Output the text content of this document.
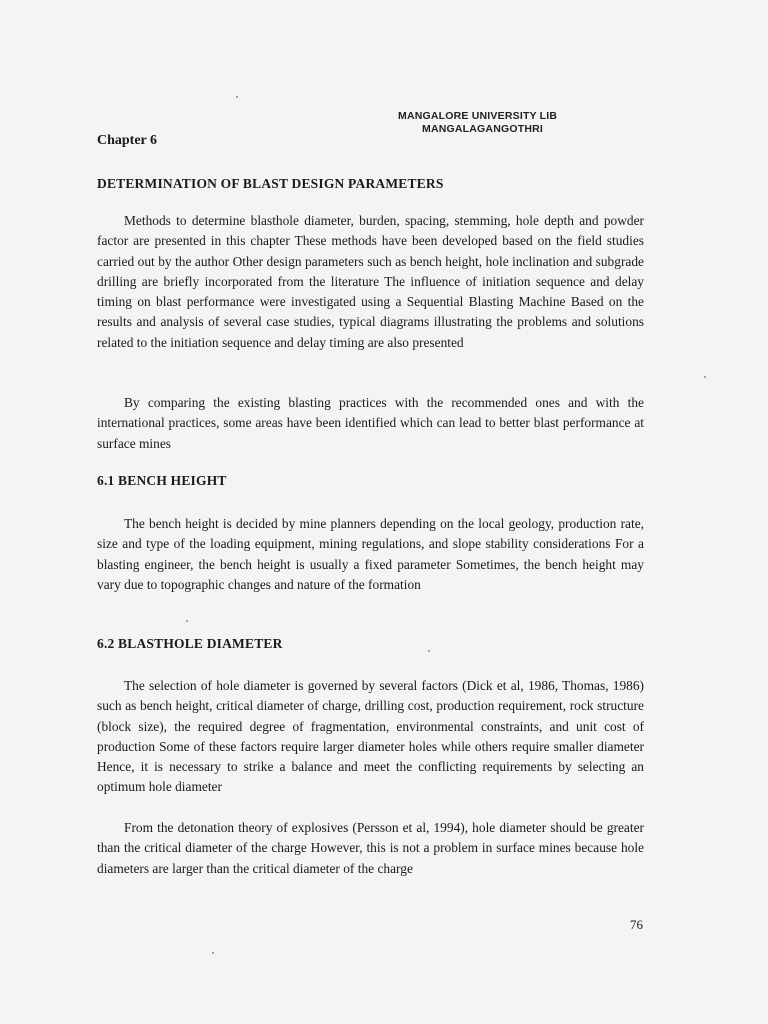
MANGALORE UNIVERSITY LIB
MANGALAGANGOTHRI
Chapter 6
DETERMINATION OF BLAST DESIGN PARAMETERS

Methods to determine blasthole diameter, burden, spacing, stemming, hole depth and powder factor are presented in this chapter These methods have been developed based on the field studies carried out by the author Other design parameters such as bench height, hole inclination and subgrade drilling are briefly incorporated from the literature The influence of initiation sequence and delay timing on blast performance were investigated using a Sequential Blasting Machine Based on the results and analysis of several case studies, typical diagrams illustrating the problems and solutions related to the initiation sequence and delay timing are also presented

By comparing the existing blasting practices with the recommended ones and with the international practices, some areas have been identified which can lead to better blast performance at surface mines

6.1 BENCH HEIGHT

The bench height is decided by mine planners depending on the local geology, production rate, size and type of the loading equipment, mining regulations, and slope stability considerations For a blasting engineer, the bench height is usually a fixed parameter Sometimes, the bench height may vary due to topographic changes and nature of the formation

6.2 BLASTHOLE DIAMETER

The selection of hole diameter is governed by several factors (Dick et al, 1986, Thomas, 1986) such as bench height, critical diameter of charge, drilling cost, production requirement, rock structure (block size), the required degree of fragmentation, environmental constraints, and unit cost of production Some of these factors require larger diameter holes while others require smaller diameter Hence, it is necessary to strike a balance and meet the conflicting requirements by selecting an optimum hole diameter

From the detonation theory of explosives (Persson et al, 1994), hole diameter should be greater than the critical diameter of the charge However, this is not a problem in surface mines because hole diameters are larger than the critical diameter of the charge

76
